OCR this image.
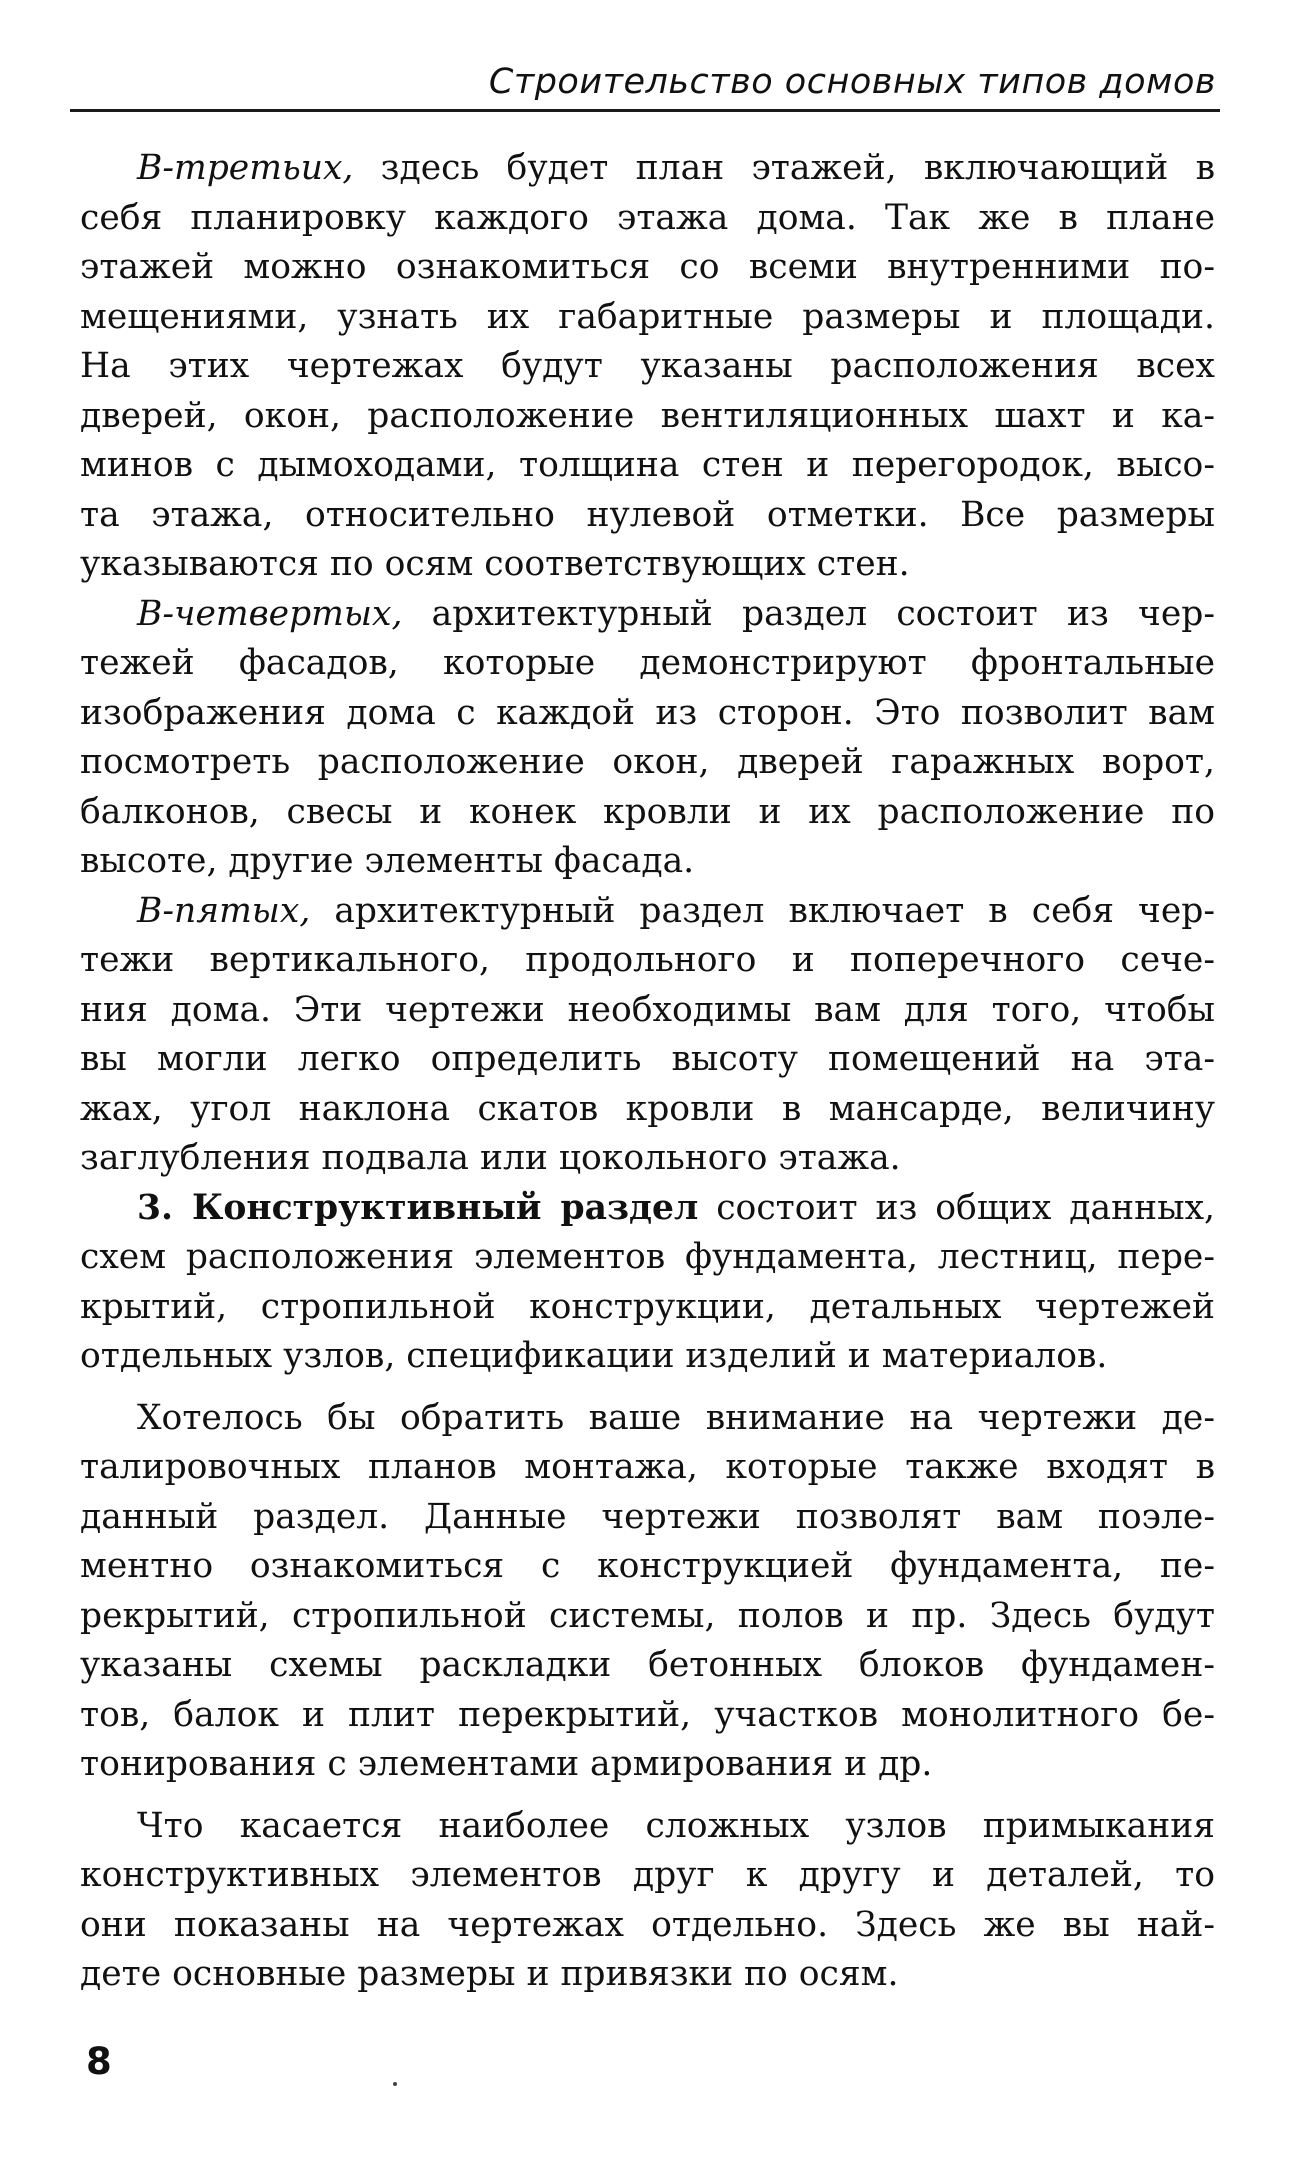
Строительство основных типов домов

В-третьих, здесь будет план этажей, включающий в
себя планировку каждого этажа дома. Так же в плане
этажей можно ознакомиться со всеми внутренними по-
мещениями, узнать их габаритные размеры и площади.
На этих чертежах будут указаны расположения всех
дверей, окон, расположение вентиляционных шахт и ка-
минов с дымоходами, толщина стен и перегородок, высо-
та этажа, относительно нулевой отметки. Все размеры
указываются по осям соответствующих стен.

В-четвертых, архитектурный раздел состоит из чер-
тежей фасадов, которые демонстрируют фронтальные
изображения дома с каждой из сторон. Это позволит вам
посмотреть расположение окон, дверей гаражных ворот,
балконов, свесы и конек кровли и их расположение по
высоте, другие элементы фасада.

В-пятых, архитектурный раздел включает в себя чер-
тежи вертикального, продольного и поперечного сече-
ния дома. Эти чертежи необходимы вам для того, чтобы
вы могли легко определить высоту помещений на эта-
жах, угол наклона скатов кровли в мансарде, величину
заглубления подвала или цокольного этажа.

3. Конструктивный раздел состоит из общих данных,
схем расположения элементов фундамента, лестниц, пере-
крытий, стропильной конструкции, детальных чертежей
отдельных узлов, спецификации изделий и материалов.

Хотелось бы обратить ваше внимание на чертежи де-
талировочных планов монтажа, которые также входят в
данный раздел. Данные чертежи позволят вам поэле-
ментно ознакомиться с конструкцией фундамента, пе-
рекрытий, стропильной системы, полов и пр. Здесь будут
указаны схемы раскладки бетонных блоков фундамен-
тов, балок и плит перекрытий, участков монолитного бе-
тонирования с элементами армирования и др.

Что касается наиболее сложных узлов примыкания
конструктивных элементов друг к другу и деталей, то
они показаны на чертежах отдельно. Здесь же вы най-
дете основные размеры и привязки по осям.

8
